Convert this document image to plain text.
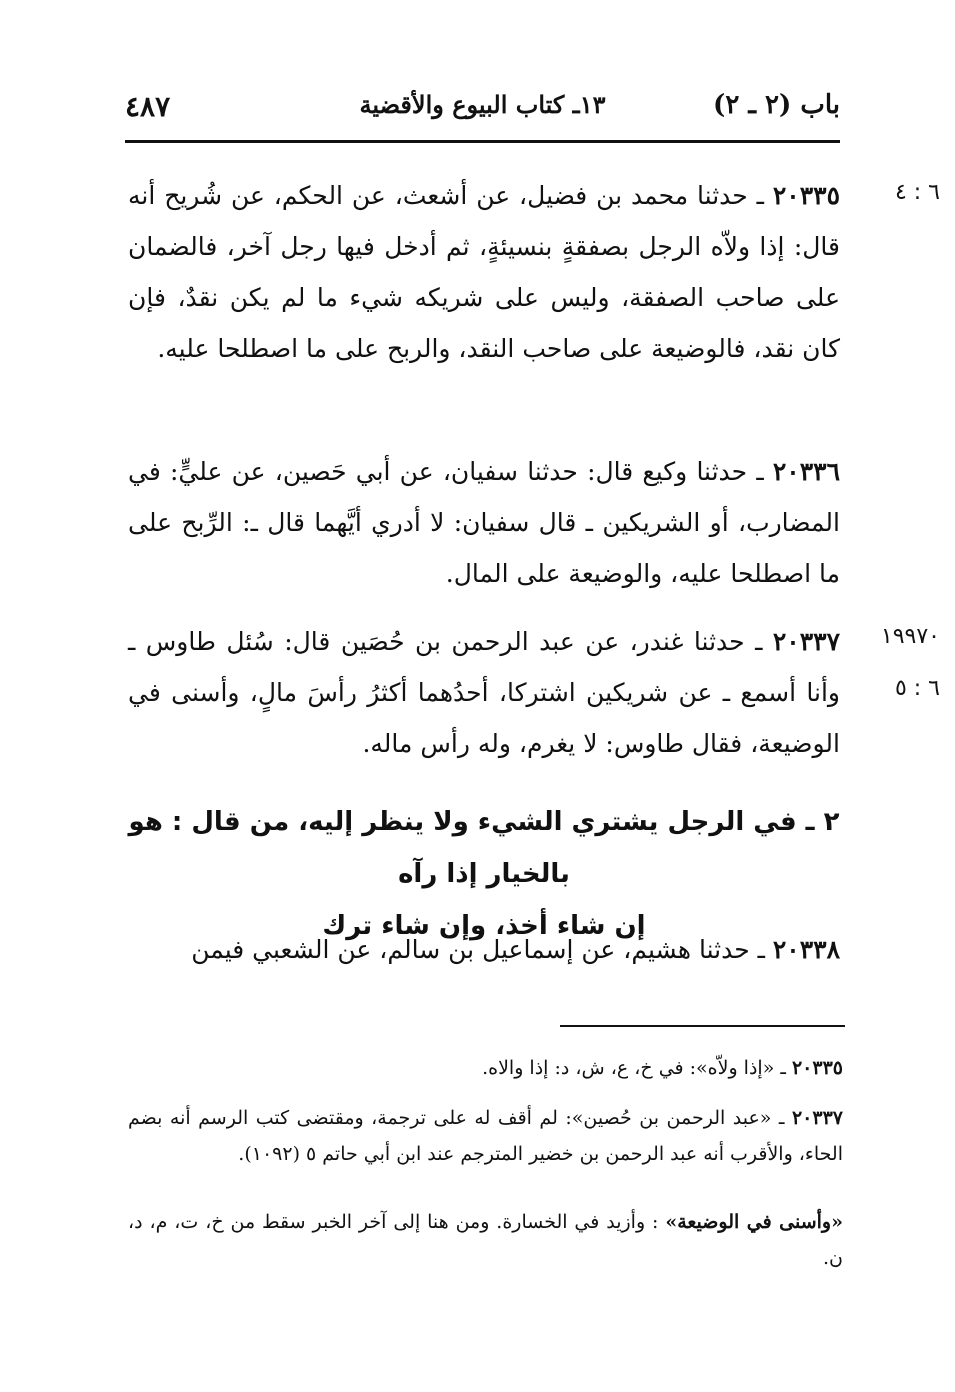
٤٨٧	١٣ـ كتاب البيوع والأقضية	باب (٢ ـ ٢)
٦ : ٤
١٩٩٧٠
٦ : ٥
٢٠٣٣٥ ـ حدثنا محمد بن فضيل، عن أشعث، عن الحكم، عن شُريح أنه قال: إذا ولاّه الرجل بصفقةٍ بنسيئةٍ، ثم أدخل فيها رجل آخر، فالضمان على صاحب الصفقة، وليس على شريكه شيء ما لم يكن نقدٌ، فإن كان نقد، فالوضيعة على صاحب النقد، والربح على ما اصطلحا عليه.
٢٠٣٣٦ ـ حدثنا وكيع قال: حدثنا سفيان، عن أبي حَصين، عن عليٍّ: في المضارب، أو الشريكين ـ قال سفيان: لا أدري أيَّهما قال ـ: الرِّبح على ما اصطلحا عليه، والوضيعة على المال.
٢٠٣٣٧ ـ حدثنا غندر، عن عبد الرحمن بن حُصَين قال: سُئل طاوس ـ وأنا أسمع ـ عن شريكين اشتركا، أحدُهما أكثرُ رأسَ مالٍ، وأسنى في الوضيعة، فقال طاوس: لا يغرم، وله رأس ماله.
٢ ـ في الرجل يشتري الشيء ولا ينظر إليه، من قال : هو بالخيار إذا رآه
إن شاء أخذ، وإن شاء ترك
٢٠٣٣٨ ـ حدثنا هشيم، عن إسماعيل بن سالم، عن الشعبي فيمن
٢٠٣٣٥ ـ «إذا ولاّه»: في خ، ع، ش، د: إذا والاه.
٢٠٣٣٧ ـ «عبد الرحمن بن حُصين»: لم أقف له على ترجمة، ومقتضى كتب الرسم أنه بضم الحاء، والأقرب أنه عبد الرحمن بن خضير المترجم عند ابن أبي حاتم ٥ (١٠٩٢).
«وأسنى في الوضيعة» : وأزيد في الخسارة. ومن هنا إلى آخر الخبر سقط من خ، ت، م، د، ن.
